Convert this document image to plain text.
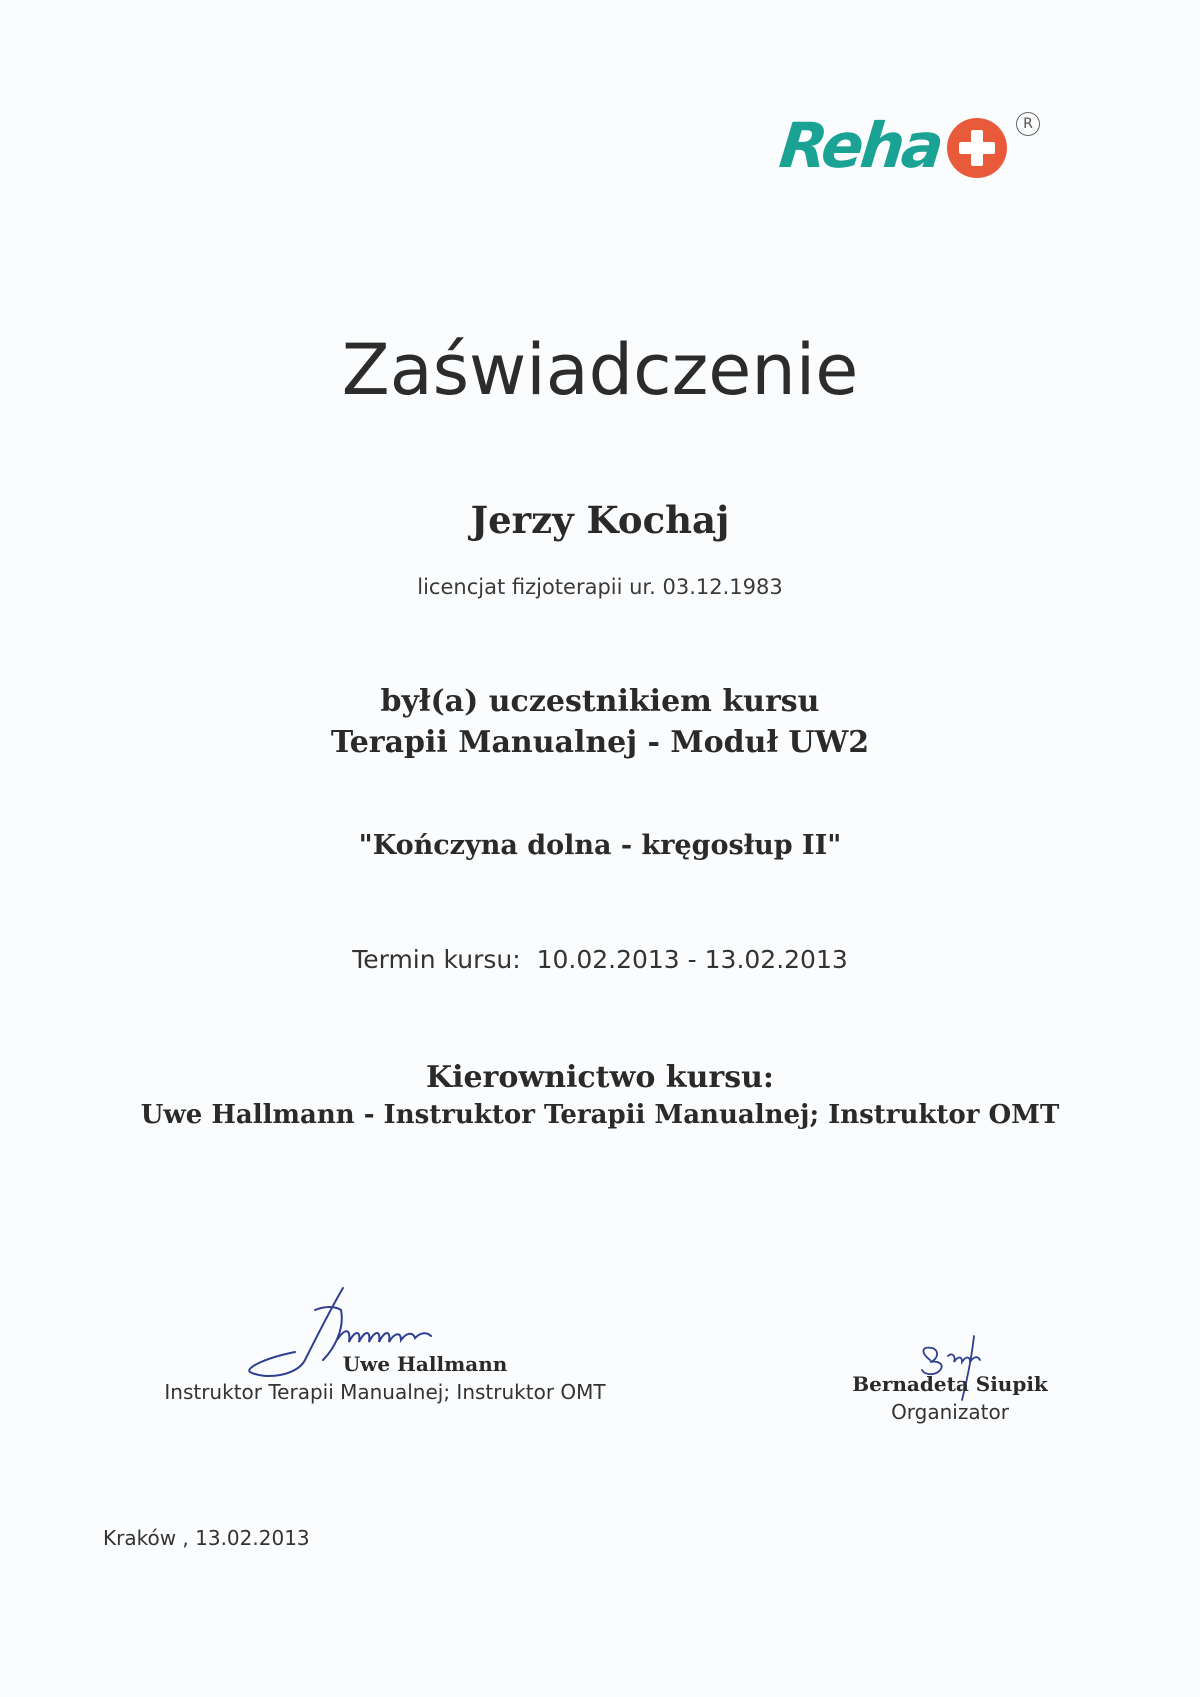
Reha	R
Zaświadczenie
Jerzy Kochaj
licencjat fizjoterapii ur. 03.12.1983
był(a) uczestnikiem kursu
Terapii Manualnej - Moduł UW2
"Kończyna dolna - kręgosłup II"
Termin kursu: 10.02.2013 - 13.02.2013
Kierownictwo kursu:
Uwe Hallmann - Instruktor Terapii Manualnej; Instruktor OMT
Uwe Hallmann
Instruktor Terapii Manualnej; Instruktor OMT	Bernadeta Siupik
Organizator
Kraków , 13.02.2013
